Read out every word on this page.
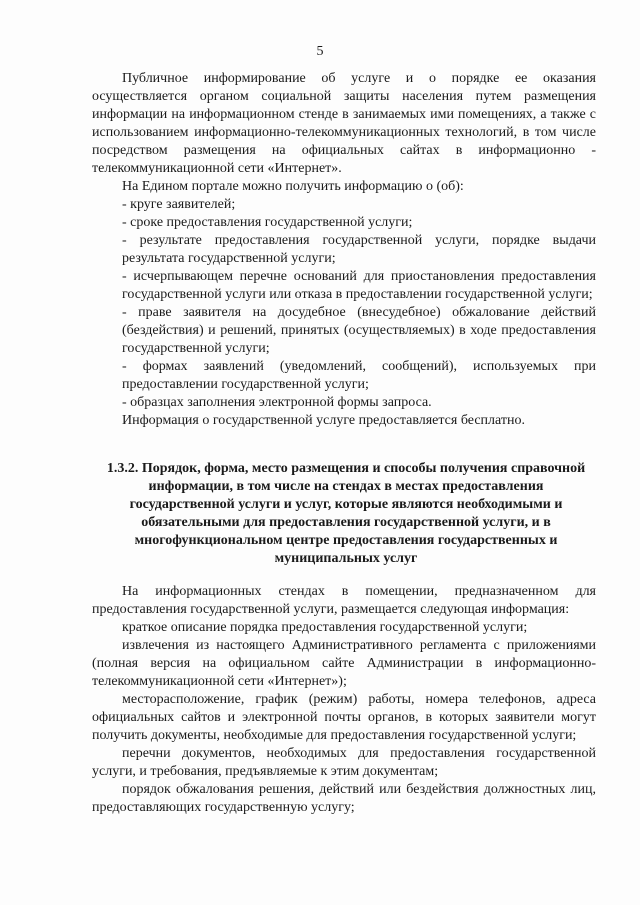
5

Публичное информирование об услуге и о порядке ее оказания осуществляется органом социальной защиты населения путем размещения информации на информационном стенде в занимаемых ими помещениях, а также с использованием информационно-телекоммуникационных технологий, в том числе посредством размещения на официальных сайтах в информационно - телекоммуникационной сети «Интернет».

На Едином портале можно получить информацию о (об):

- круге заявителей;

- сроке предоставления государственной услуги;

- результате предоставления государственной услуги, порядке выдачи результата государственной услуги;

- исчерпывающем перечне оснований для приостановления предоставления государственной услуги или отказа в предоставлении государственной услуги;

- праве заявителя на досудебное (внесудебное) обжалование действий (бездействия) и решений, принятых (осуществляемых) в ходе предоставления государственной услуги;

- формах заявлений (уведомлений, сообщений), используемых при предоставлении государственной услуги;

- образцах заполнения электронной формы запроса.

Информация о государственной услуге предоставляется бесплатно.

1.3.2. Порядок, форма, место размещения и способы получения справочной информации, в том числе на стендах в местах предоставления государственной услуги и услуг, которые являются необходимыми и обязательными для предоставления государственной услуги, и в многофункциональном центре предоставления государственных и муниципальных услуг

На информационных стендах в помещении, предназначенном для предоставления государственной услуги, размещается следующая информация:

краткое описание порядка предоставления государственной услуги;

извлечения из настоящего Административного регламента с приложениями (полная версия на официальном сайте Администрации в информационно-телекоммуникационной сети «Интернет»);

месторасположение, график (режим) работы, номера телефонов, адреса официальных сайтов и электронной почты органов, в которых заявители могут получить документы, необходимые для предоставления государственной услуги;

перечни документов, необходимых для предоставления государственной услуги, и требования, предъявляемые к этим документам;

порядок обжалования решения, действий или бездействия должностных лиц, предоставляющих государственную услугу;
